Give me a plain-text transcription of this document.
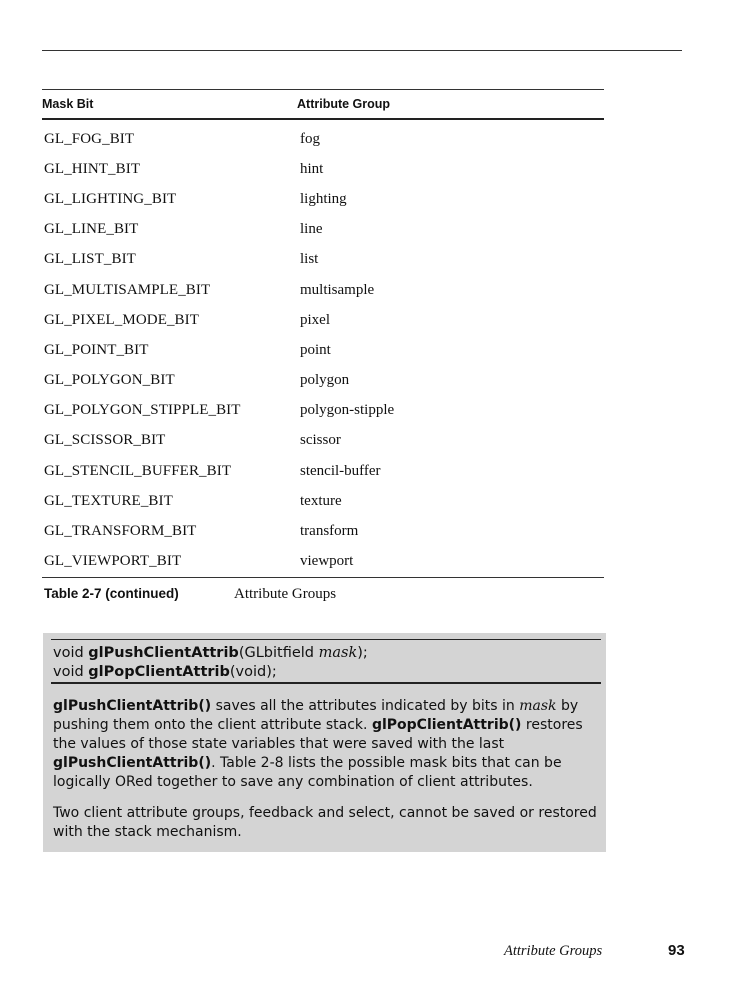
Mask Bit	Attribute Group
GL_FOG_BIT	fog
GL_HINT_BIT	hint
GL_LIGHTING_BIT	lighting
GL_LINE_BIT	line
GL_LIST_BIT	list
GL_MULTISAMPLE_BIT	multisample
GL_PIXEL_MODE_BIT	pixel
GL_POINT_BIT	point
GL_POLYGON_BIT	polygon
GL_POLYGON_STIPPLE_BIT	polygon-stipple
GL_SCISSOR_BIT	scissor
GL_STENCIL_BUFFER_BIT	stencil-buffer
GL_TEXTURE_BIT	texture
GL_TRANSFORM_BIT	transform
GL_VIEWPORT_BIT	viewport
Table 2-7 (continued)	Attribute Groups
void glPushClientAttrib(GLbitfield mask);
void glPopClientAttrib(void);
glPushClientAttrib() saves all the attributes indicated by bits in mask by pushing them onto the client attribute stack. glPopClientAttrib() restores the values of those state variables that were saved with the last glPushClientAttrib(). Table 2-8 lists the possible mask bits that can be logically ORed together to save any combination of client attributes.
Two client attribute groups, feedback and select, cannot be saved or restored with the stack mechanism.
Attribute Groups	93
